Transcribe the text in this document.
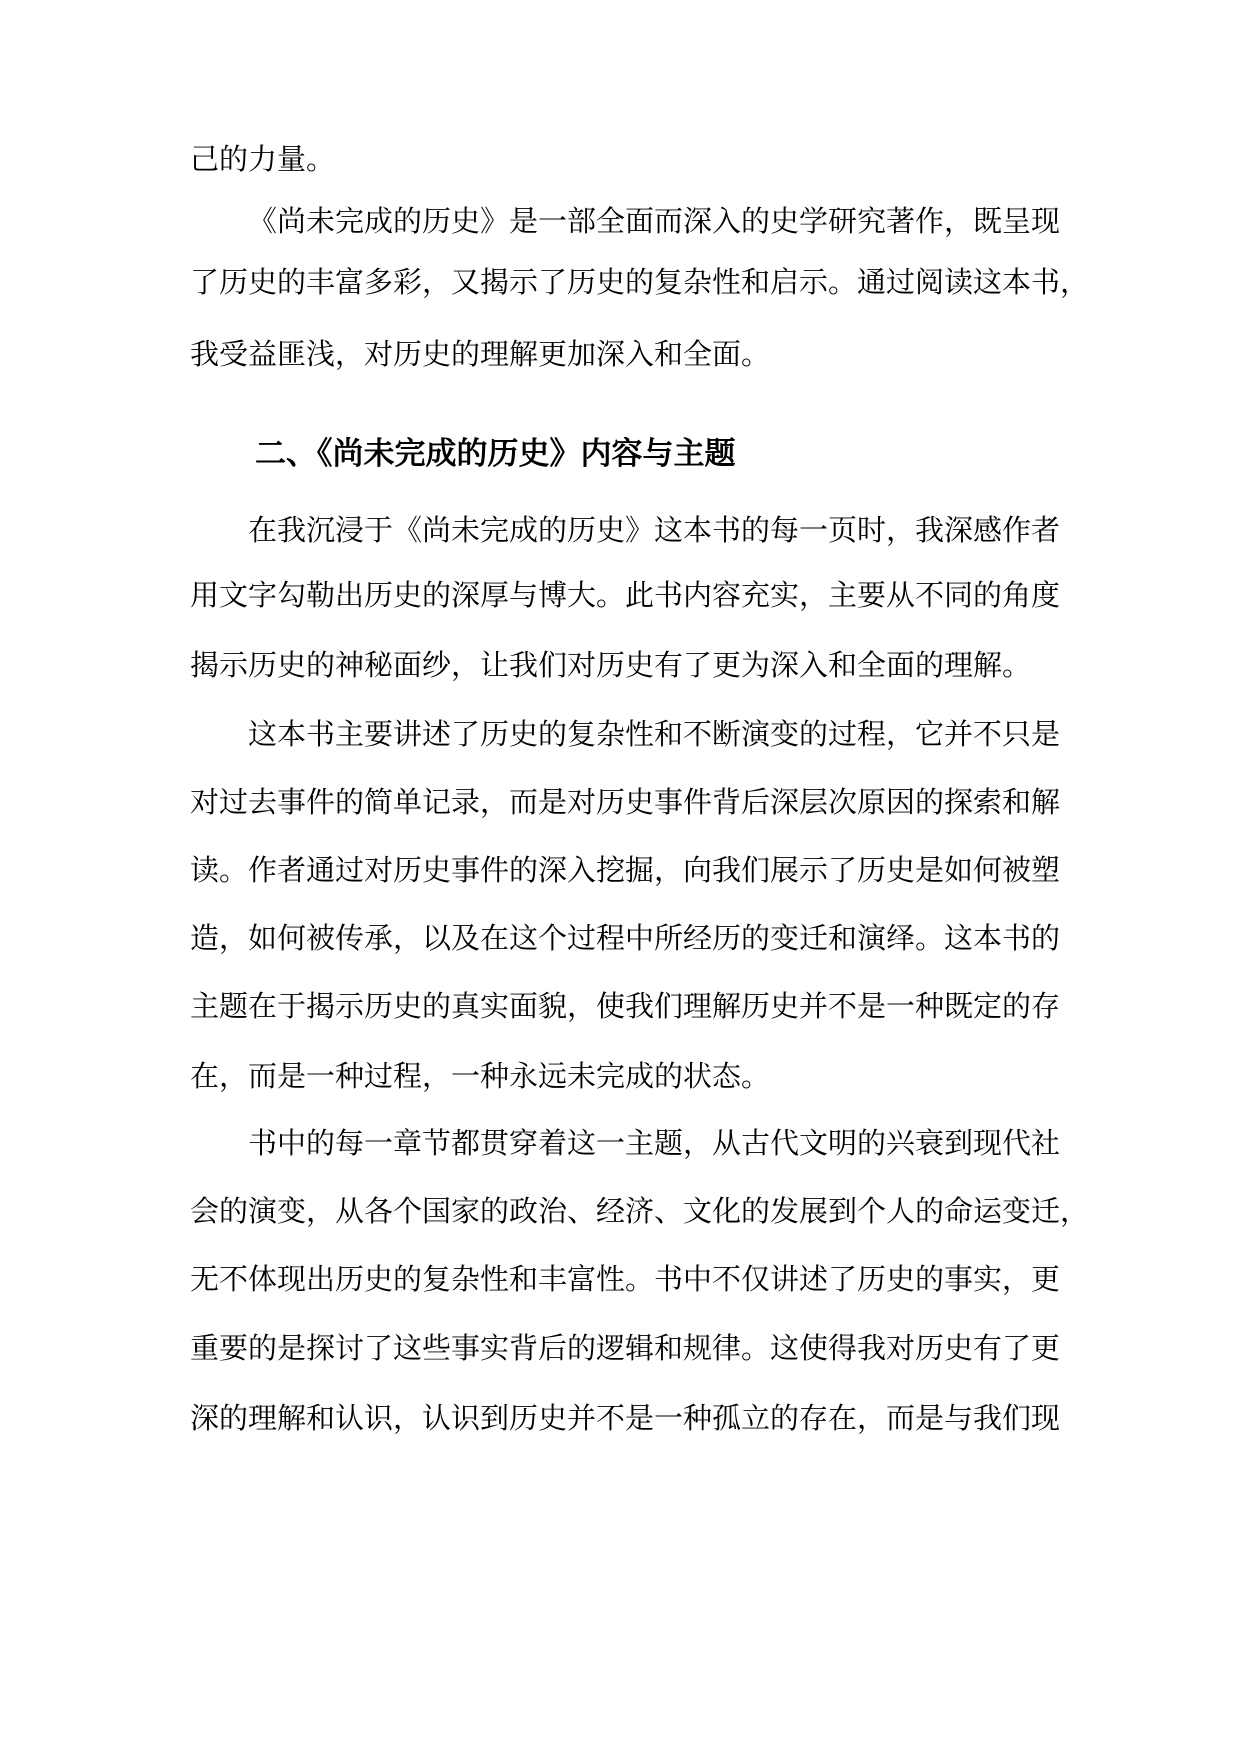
己的力量。
《尚未完成的历史》是一部全面而深入的史学研究著作，既呈现
了历史的丰富多彩，又揭示了历史的复杂性和启示。通过阅读这本书，
我受益匪浅，对历史的理解更加深入和全面。
二、《尚未完成的历史》内容与主题
在我沉浸于《尚未完成的历史》这本书的每一页时，我深感作者
用文字勾勒出历史的深厚与博大。此书内容充实，主要从不同的角度
揭示历史的神秘面纱，让我们对历史有了更为深入和全面的理解。
这本书主要讲述了历史的复杂性和不断演变的过程，它并不只是
对过去事件的简单记录，而是对历史事件背后深层次原因的探索和解
读。作者通过对历史事件的深入挖掘，向我们展示了历史是如何被塑
造，如何被传承，以及在这个过程中所经历的变迁和演绎。这本书的
主题在于揭示历史的真实面貌，使我们理解历史并不是一种既定的存
在，而是一种过程，一种永远未完成的状态。
书中的每一章节都贯穿着这一主题，从古代文明的兴衰到现代社
会的演变，从各个国家的政治、经济、文化的发展到个人的命运变迁，
无不体现出历史的复杂性和丰富性。书中不仅讲述了历史的事实，更
重要的是探讨了这些事实背后的逻辑和规律。这使得我对历史有了更
深的理解和认识，认识到历史并不是一种孤立的存在，而是与我们现
